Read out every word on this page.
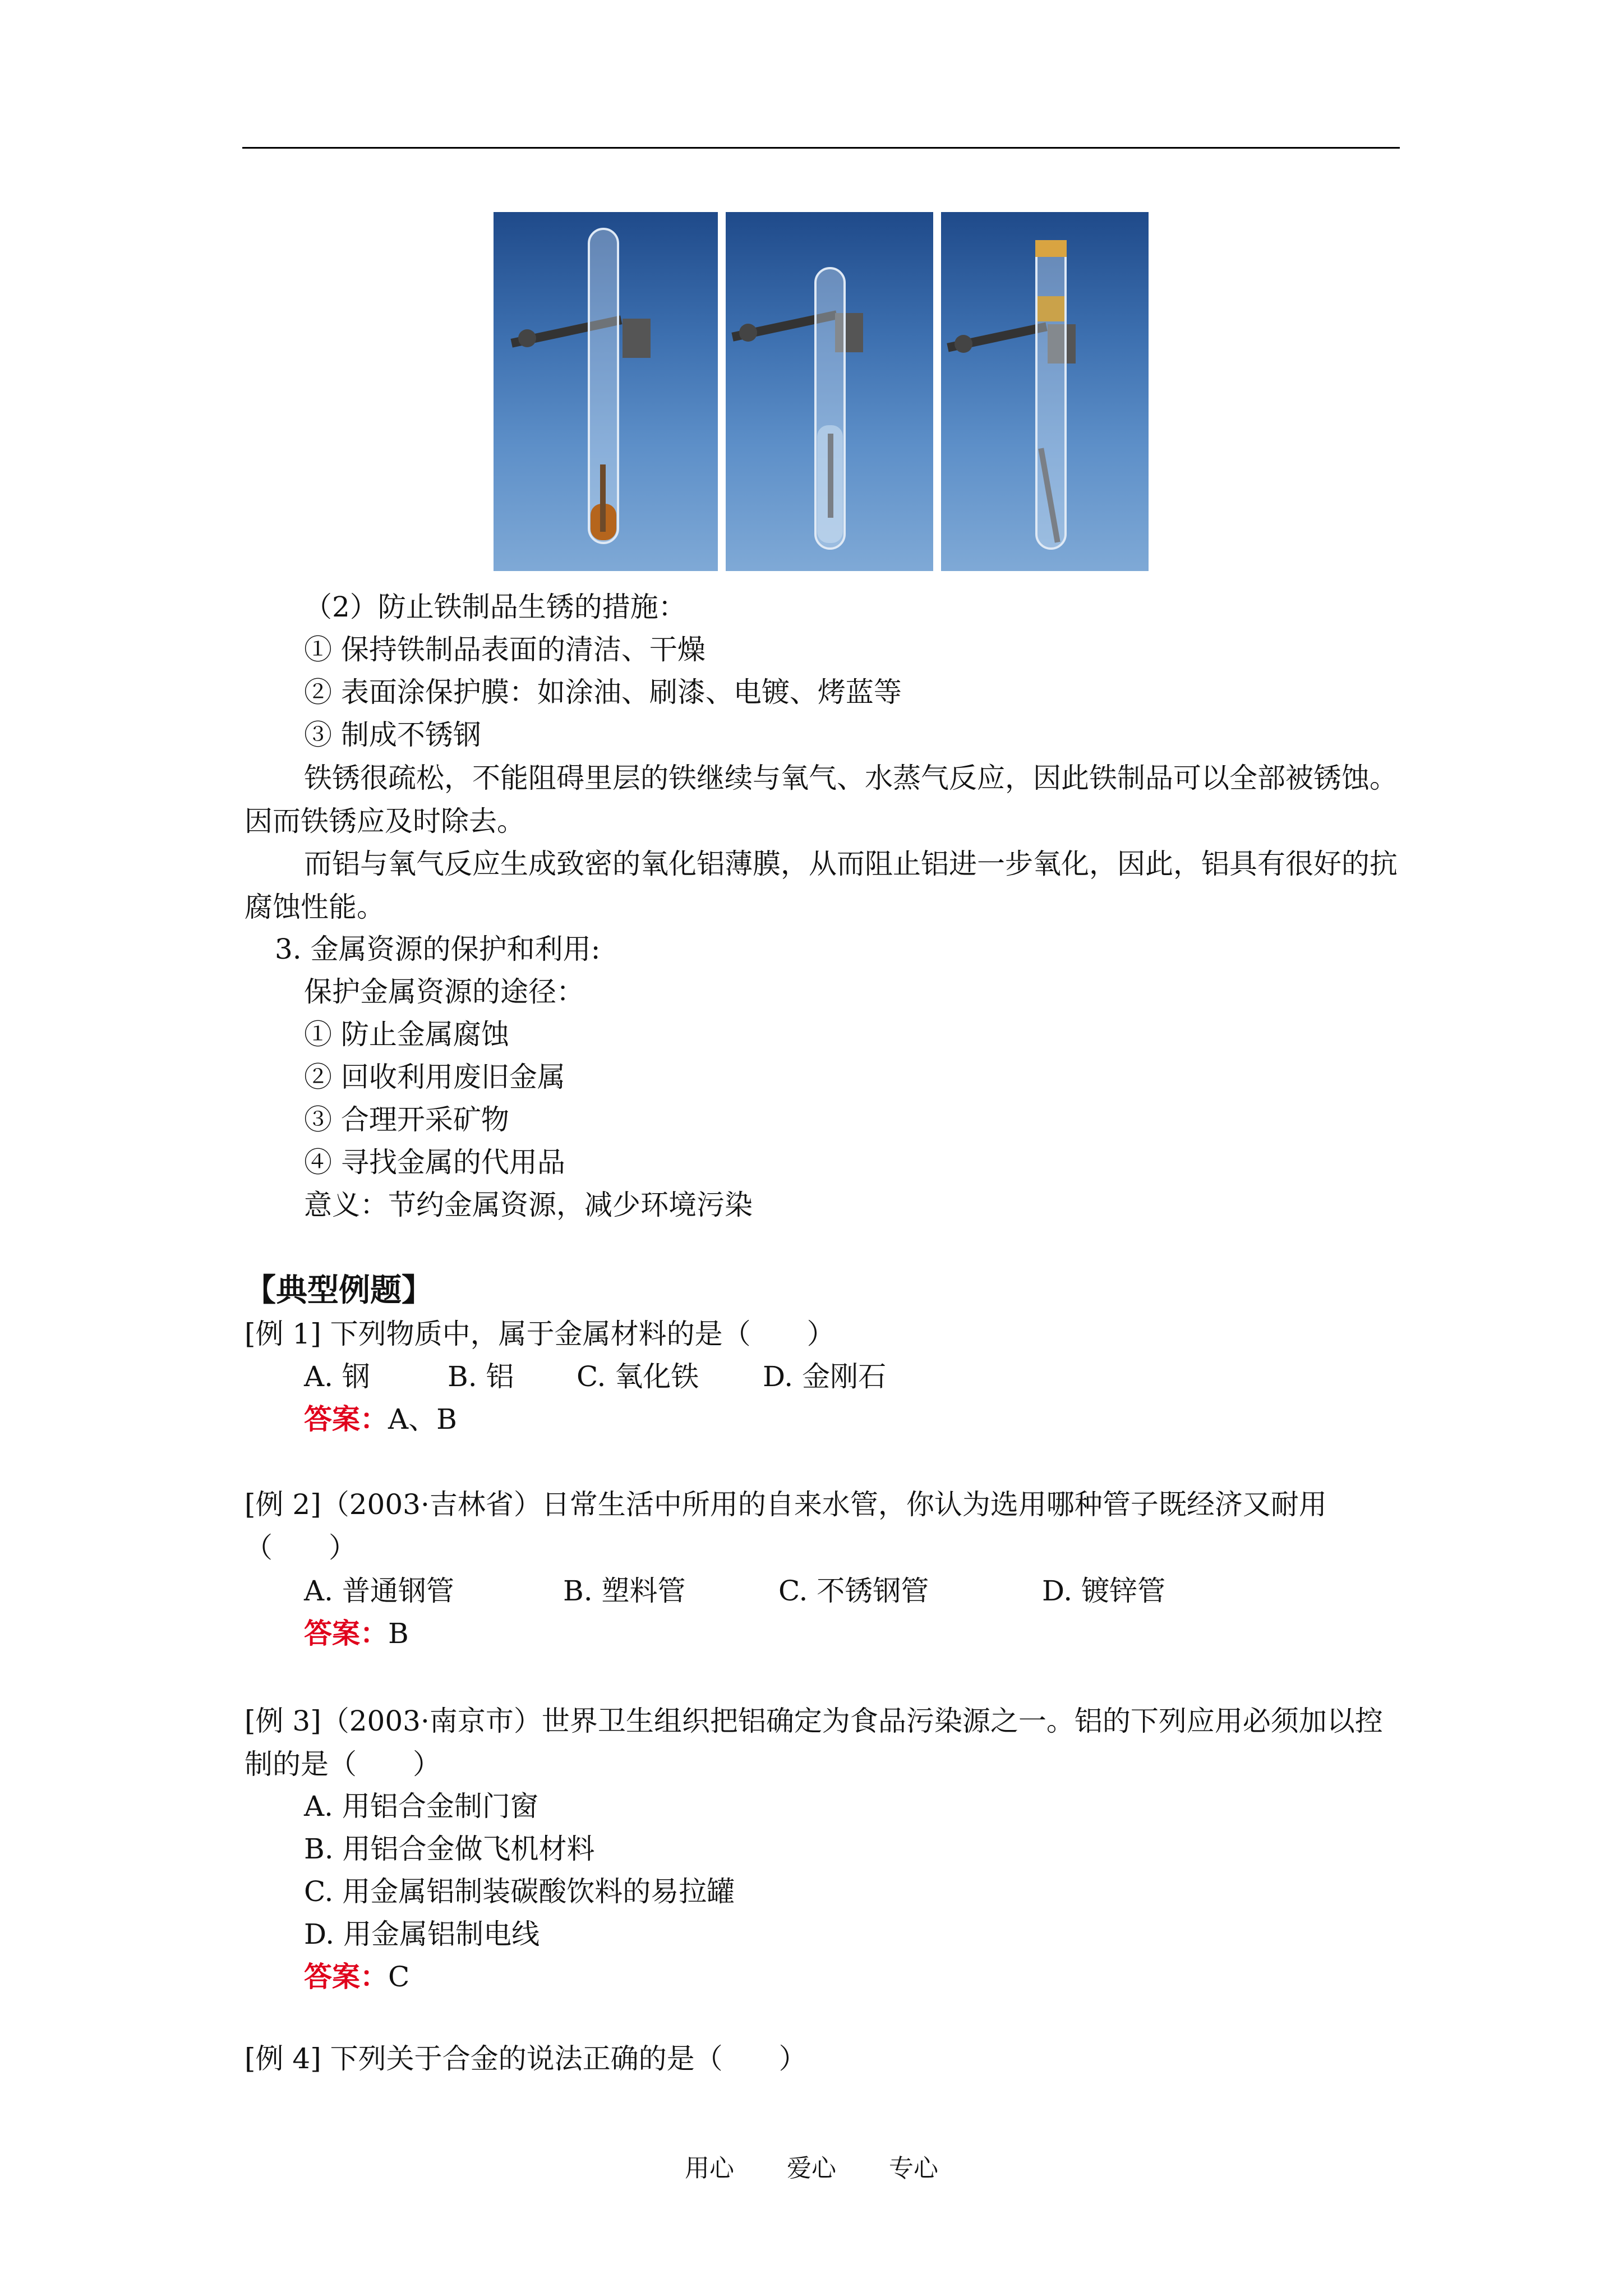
（2）防止铁制品生锈的措施：
① 保持铁制品表面的清洁、干燥
② 表面涂保护膜：如涂油、刷漆、电镀、烤蓝等
③ 制成不锈钢
铁锈很疏松，不能阻碍里层的铁继续与氧气、水蒸气反应，因此铁制品可以全部被锈蚀。因而铁锈应及时除去。
而铝与氧气反应生成致密的氧化铝薄膜，从而阻止铝进一步氧化，因此，铝具有很好的抗腐蚀性能。
3. 金属资源的保护和利用:
保护金属资源的途径：
① 防止金属腐蚀
② 回收利用废旧金属
③ 合理开采矿物
④ 寻找金属的代用品
意义：节约金属资源，减少环境污染
【典型例题】
[例 1] 下列物质中，属于金属材料的是（　　）
A. 钢	B. 铝 C. 氧化铁 D. 金刚石
答案：A、B
[例 2]（2003·吉林省）日常生活中所用的自来水管，你认为选用哪种管子既经济又耐用（　　）
A. 普通钢管	B. 塑料管	C. 不锈钢管	D. 镀锌管
答案：B
[例 3]（2003·南京市）世界卫生组织把铝确定为食品污染源之一。铝的下列应用必须加以控制的是（　　）
A. 用铝合金制门窗
B. 用铝合金做飞机材料
C. 用金属铝制装碳酸饮料的易拉罐
D. 用金属铝制电线
答案：C
[例 4] 下列关于合金的说法正确的是（　　）
用心 爱心 专心
